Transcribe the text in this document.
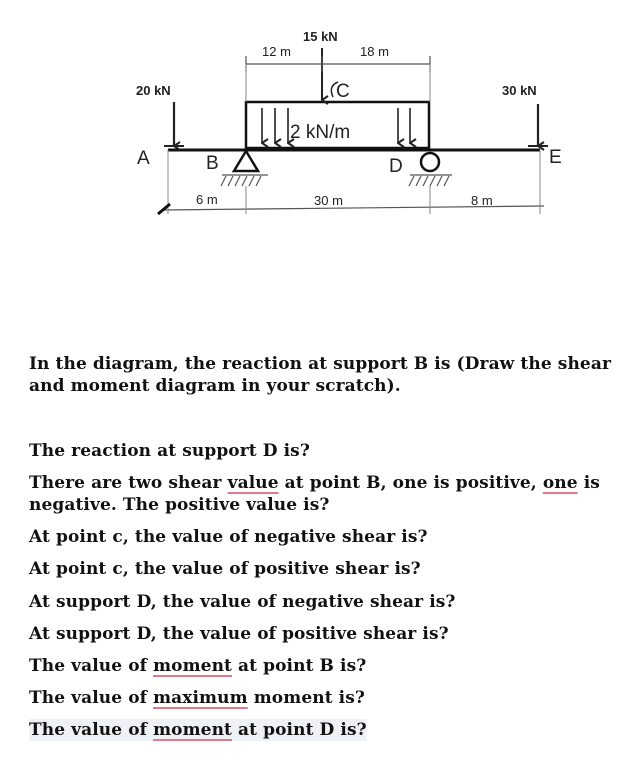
2 kN/m
15 kN
C
12 m	18 m
20 kN
A
30 kN
E
B	D
6 m	30 m	8 m
In the diagram, the reaction at support B is (Draw the shear
and moment diagram in your scratch).
The reaction at support D is?
There are two shear value at point B, one is positive, one is
negative. The positive value is?
At point c, the value of negative shear is?
At point c, the value of positive shear is?
At support D, the value of negative shear is?
At support D, the value of positive shear is?
The value of moment at point B is?
The value of maximum moment is?
The value of moment at point D is?
